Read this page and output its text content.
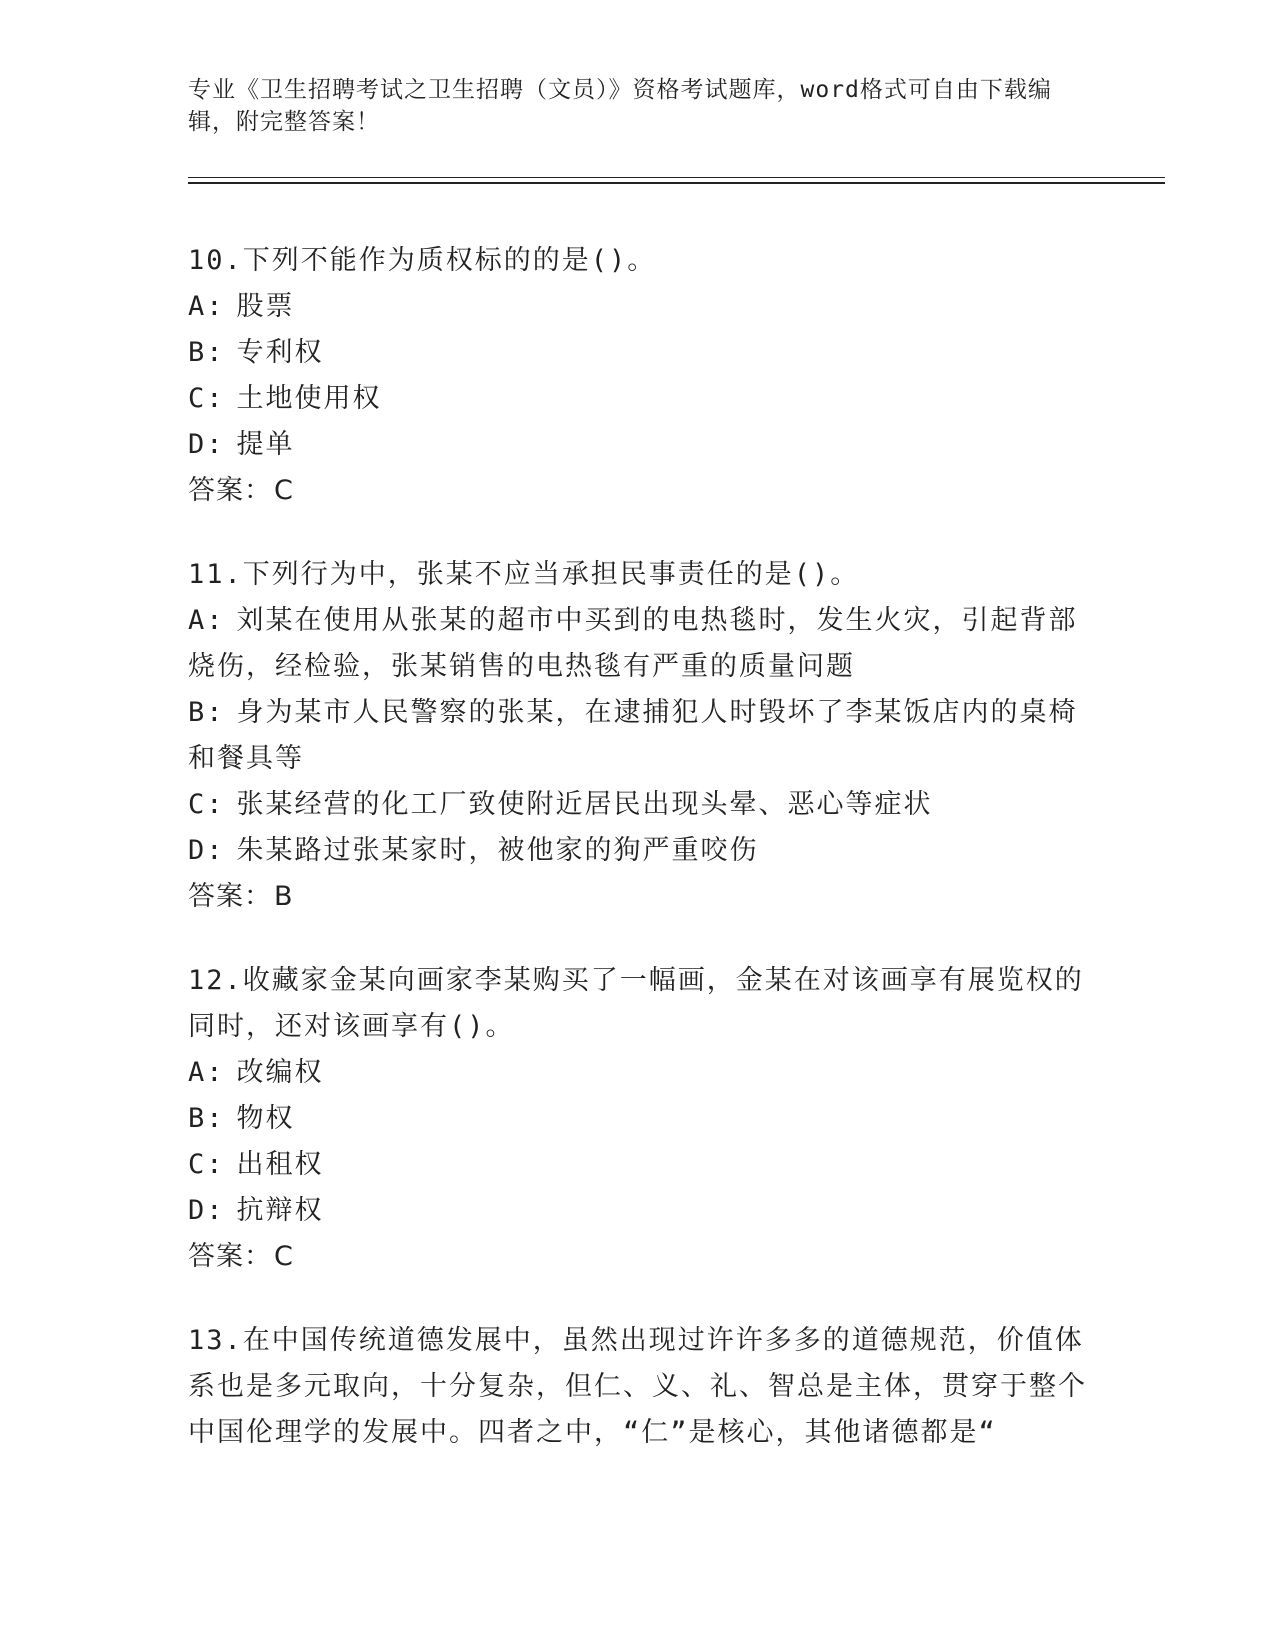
专业《卫生招聘考试之卫生招聘（文员）》资格考试题库，word格式可自由下载编辑，附完整答案！

10.下列不能作为质权标的的是()。

A: 股票

B: 专利权

C: 土地使用权

D: 提单

答案：C

11.下列行为中，张某不应当承担民事责任的是()。

A: 刘某在使用从张某的超市中买到的电热毯时，发生火灾，引起背部烧伤，经检验，张某销售的电热毯有严重的质量问题

B: 身为某市人民警察的张某，在逮捕犯人时毁坏了李某饭店内的桌椅和餐具等

C: 张某经营的化工厂致使附近居民出现头晕、恶心等症状

D: 朱某路过张某家时，被他家的狗严重咬伤

答案：B

12.收藏家金某向画家李某购买了一幅画，金某在对该画享有展览权的同时，还对该画享有()。

A: 改编权

B: 物权

C: 出租权

D: 抗辩权

答案：C

13.在中国传统道德发展中，虽然出现过许许多多的道德规范，价值体系也是多元取向，十分复杂，但仁、义、礼、智总是主体，贯穿于整个中国伦理学的发展中。四者之中，“仁”是核心，其他诸德都是“
